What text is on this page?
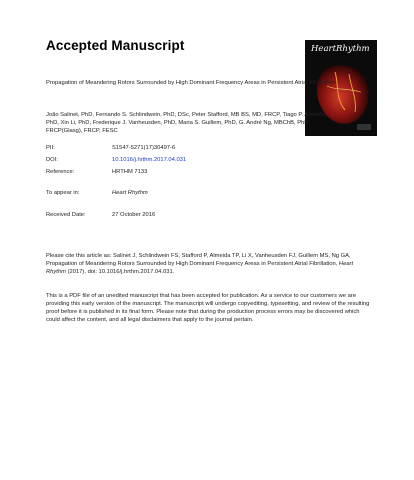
Accepted Manuscript	HeartRhythm
Propagation of Meandering Rotors Surrounded by High Dominant Frequency Areas in Persistent Atrial Fibrillation
João Salinet, PhD, Fernando S. Schlindwein, PhD, DSc, Peter Stafford, MB BS, MD, FRCP, Tiago P. Almeida, PhD, Xin Li, PhD, Frederique J. Vanheusden, PhD, Maria S. Guillem, PhD, G. André Ng, MBChB, PhD, FRCP(Glasg), FRCP, FESC
PII:	S1547-5271(17)30497-6
DOI:	10.1016/j.hrthm.2017.04.031
Reference:	HRTHM 7133
To appear in:	Heart Rhythm
Received Date:	27 October 2016
Please cite this article as: Salinet J, Schlindwein FS, Stafford P, Almeida TP, Li X, Vanheusden FJ, Guillem MS, Ng GA, Propagation of Meandering Rotors Surrounded by High Dominant Frequency Areas in Persistent Atrial Fibrillation, Heart Rhythm (2017), doi: 10.1016/j.hrthm.2017.04.031.
This is a PDF file of an unedited manuscript that has been accepted for publication. As a service to our customers we are providing this early version of the manuscript. The manuscript will undergo copyediting, typesetting, and review of the resulting proof before it is published in its final form. Please note that during the production process errors may be discovered which could affect the content, and all legal disclaimers that apply to the journal pertain.
